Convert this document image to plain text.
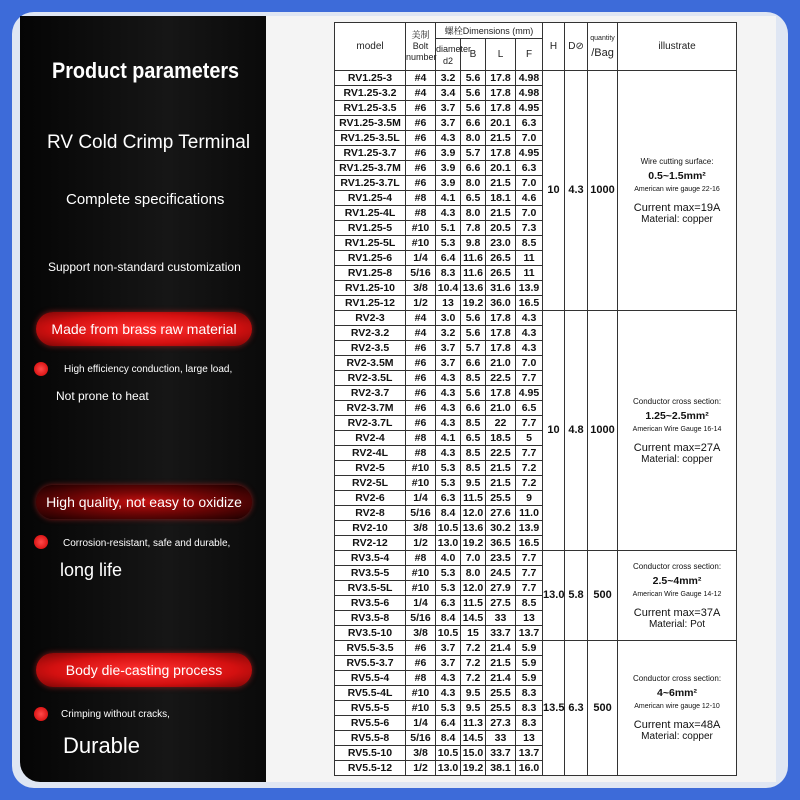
Product parameters
RV Cold Crimp Terminal
Complete specifications
Support non-standard customization
Made from brass raw material
High efficiency conduction, large load,
Not prone to heat
High quality, not easy to oxidize
Corrosion-resistant, safe and durable,
long life
Body die-casting process
Crimping without cracks,
Durable
model	美制
Bolt number	螺栓Dimensions (mm)				H	D⊘	quantity
/Bag	illustrate
		diameter
d2	B	L	F				
RV1.25-3	#4	3.2	5.6	17.8	4.98	10	4.3	1000	Wire cutting surface:
0.5~1.5mm²
American wire gauge 22-16
Current max=19A
Material: copper

RV1.25-3.2	#4	3.4	5.6	17.8	4.98				
RV1.25-3.5	#6	3.7	5.6	17.8	4.95				
RV1.25-3.5M	#6	3.7	6.6	20.1	6.3				
RV1.25-3.5L	#6	4.3	8.0	21.5	7.0				
RV1.25-3.7	#6	3.9	5.7	17.8	4.95				
RV1.25-3.7M	#6	3.9	6.6	20.1	6.3				
RV1.25-3.7L	#6	3.9	8.0	21.5	7.0				
RV1.25-4	#8	4.1	6.5	18.1	4.6				
RV1.25-4L	#8	4.3	8.0	21.5	7.0				
RV1.25-5	#10	5.1	7.8	20.5	7.3				
RV1.25-5L	#10	5.3	9.8	23.0	8.5				
RV1.25-6	1/4	6.4	11.6	26.5	11				
RV1.25-8	5/16	8.3	11.6	26.5	11				
RV1.25-10	3/8	10.4	13.6	31.6	13.9				
RV1.25-12	1/2	13	19.2	36.0	16.5				
RV2-3	#4	3.0	5.6	17.8	4.3	10	4.8	1000	Conductor cross section:
1.25~2.5mm²
American Wire Gauge 16-14
Current max=27A
Material: copper

RV2-3.2	#4	3.2	5.6	17.8	4.3				
RV2-3.5	#6	3.7	5.7	17.8	4.3				
RV2-3.5M	#6	3.7	6.6	21.0	7.0				
RV2-3.5L	#6	4.3	8.5	22.5	7.7				
RV2-3.7	#6	4.3	5.6	17.8	4.95				
RV2-3.7M	#6	4.3	6.6	21.0	6.5				
RV2-3.7L	#6	4.3	8.5	22	7.7				
RV2-4	#8	4.1	6.5	18.5	5				
RV2-4L	#8	4.3	8.5	22.5	7.7				
RV2-5	#10	5.3	8.5	21.5	7.2				
RV2-5L	#10	5.3	9.5	21.5	7.2				
RV2-6	1/4	6.3	11.5	25.5	9				
RV2-8	5/16	8.4	12.0	27.6	11.0				
RV2-10	3/8	10.5	13.6	30.2	13.9				
RV2-12	1/2	13.0	19.2	36.5	16.5				
RV3.5-4	#8	4.0	7.0	23.5	7.7	13.0	5.8	500	Conductor cross section:
2.5~4mm²
American Wire Gauge 14-12
Current max=37A
Material: Pot

RV3.5-5	#10	5.3	8.0	24.5	7.7				
RV3.5-5L	#10	5.3	12.0	27.9	7.7				
RV3.5-6	1/4	6.3	11.5	27.5	8.5				
RV3.5-8	5/16	8.4	14.5	33	13				
RV3.5-10	3/8	10.5	15	33.7	13.7				
RV5.5-3.5	#6	3.7	7.2	21.4	5.9	13.5	6.3	500	Conductor cross section:
4~6mm²
American wire gauge 12-10
Current max=48A
Material: copper

RV5.5-3.7	#6	3.7	7.2	21.5	5.9				
RV5.5-4	#8	4.3	7.2	21.4	5.9				
RV5.5-4L	#10	4.3	9.5	25.5	8.3				
RV5.5-5	#10	5.3	9.5	25.5	8.3				
RV5.5-6	1/4	6.4	11.3	27.3	8.3				
RV5.5-8	5/16	8.4	14.5	33	13				
RV5.5-10	3/8	10.5	15.0	33.7	13.7				
RV5.5-12	1/2	13.0	19.2	38.1	16.0				
